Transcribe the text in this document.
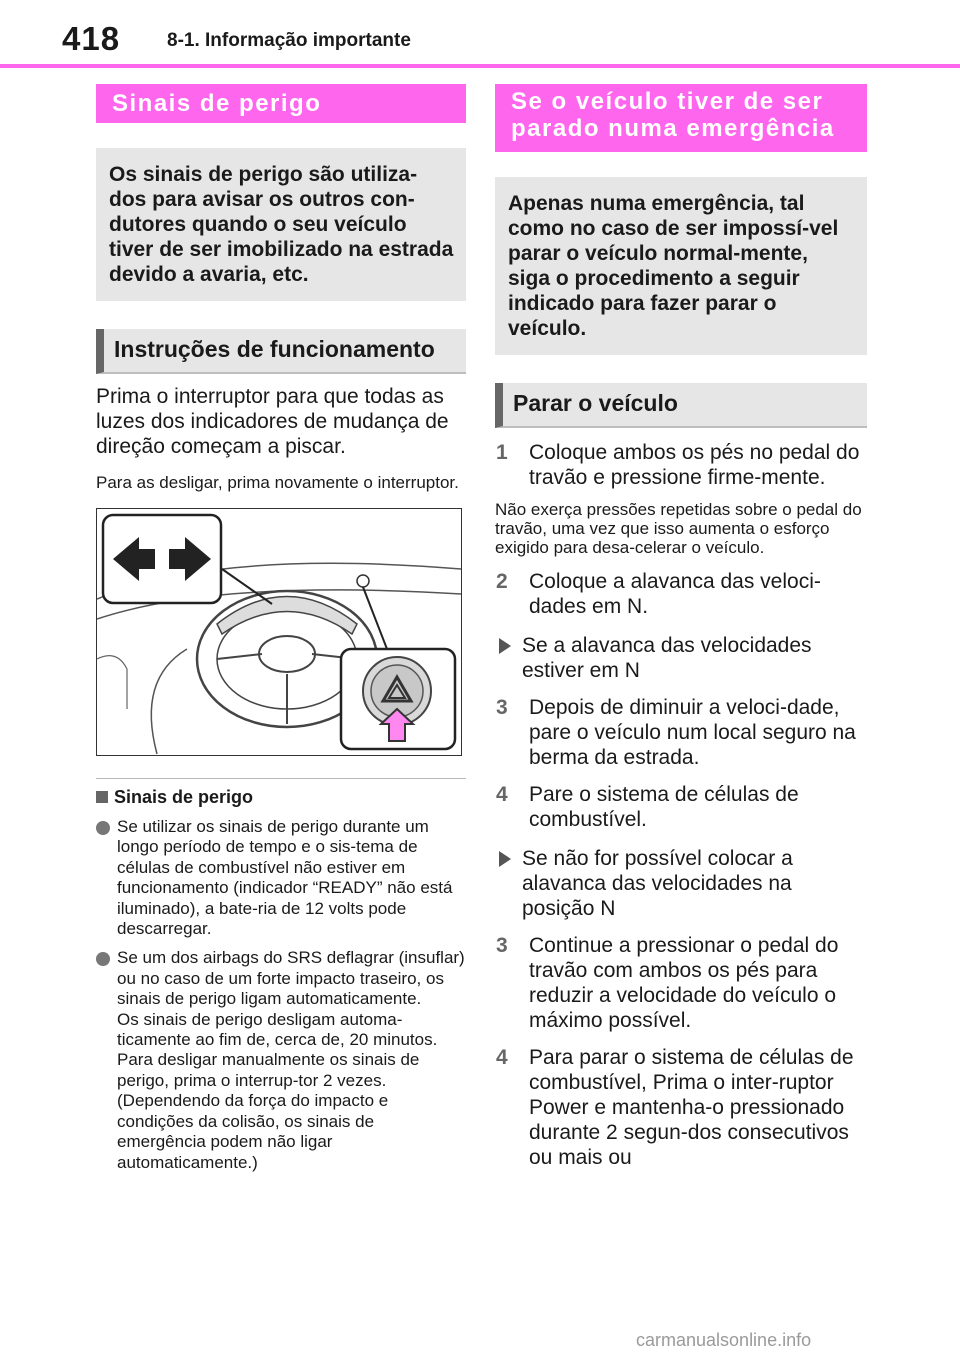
418 8-1. Informação importante
Sinais de perigo
Os sinais de perigo são utiliza-dos para avisar os outros con-dutores quando o seu veículo tiver de ser imobilizado na estrada devido a avaria, etc.
Instruções de funcionamento
Prima o interruptor para que todas as luzes dos indicadores de mudança de direção começam a piscar.
Para as desligar, prima novamente o interruptor.
Sinais de perigo
Se utilizar os sinais de perigo durante um longo período de tempo e o sis-tema de células de combustível não estiver em funcionamento (indicador “READY” não está iluminado), a bate-ria de 12 volts pode descarregar.
Se um dos airbags do SRS deflagrar (insuflar) ou no caso de um forte impacto traseiro, os sinais de perigo ligam automaticamente.
Os sinais de perigo desligam automa-ticamente ao fim de, cerca de, 20 minutos. Para desligar manualmente os sinais de perigo, prima o interrup-tor 2 vezes.
(Dependendo da força do impacto e condições da colisão, os sinais de emergência podem não ligar automaticamente.)
Se o veículo tiver de ser parado numa emergência
Apenas numa emergência, tal como no caso de ser impossí-vel parar o veículo normal-mente, siga o procedimento a seguir indicado para fazer parar o veículo.
Parar o veículo
1 Coloque ambos os pés no pedal do travão e pressione firme-mente.
Não exerça pressões repetidas sobre o pedal do travão, uma vez que isso aumenta o esforço exigido para desa-celerar o veículo.
2 Coloque a alavanca das veloci-dades em N.
Se a alavanca das velocidades estiver em N
3 Depois de diminuir a veloci-dade, pare o veículo num local seguro na berma da estrada.
4 Pare o sistema de células de combustível.
Se não for possível colocar a alavanca das velocidades na posição N
3 Continue a pressionar o pedal do travão com ambos os pés para reduzir a velocidade do veículo o máximo possível.
4 Para parar o sistema de células de combustível, Prima o inter-ruptor Power e mantenha-o pressionado durante 2 segun-dos consecutivos ou mais ou
carmanualsonline.info
